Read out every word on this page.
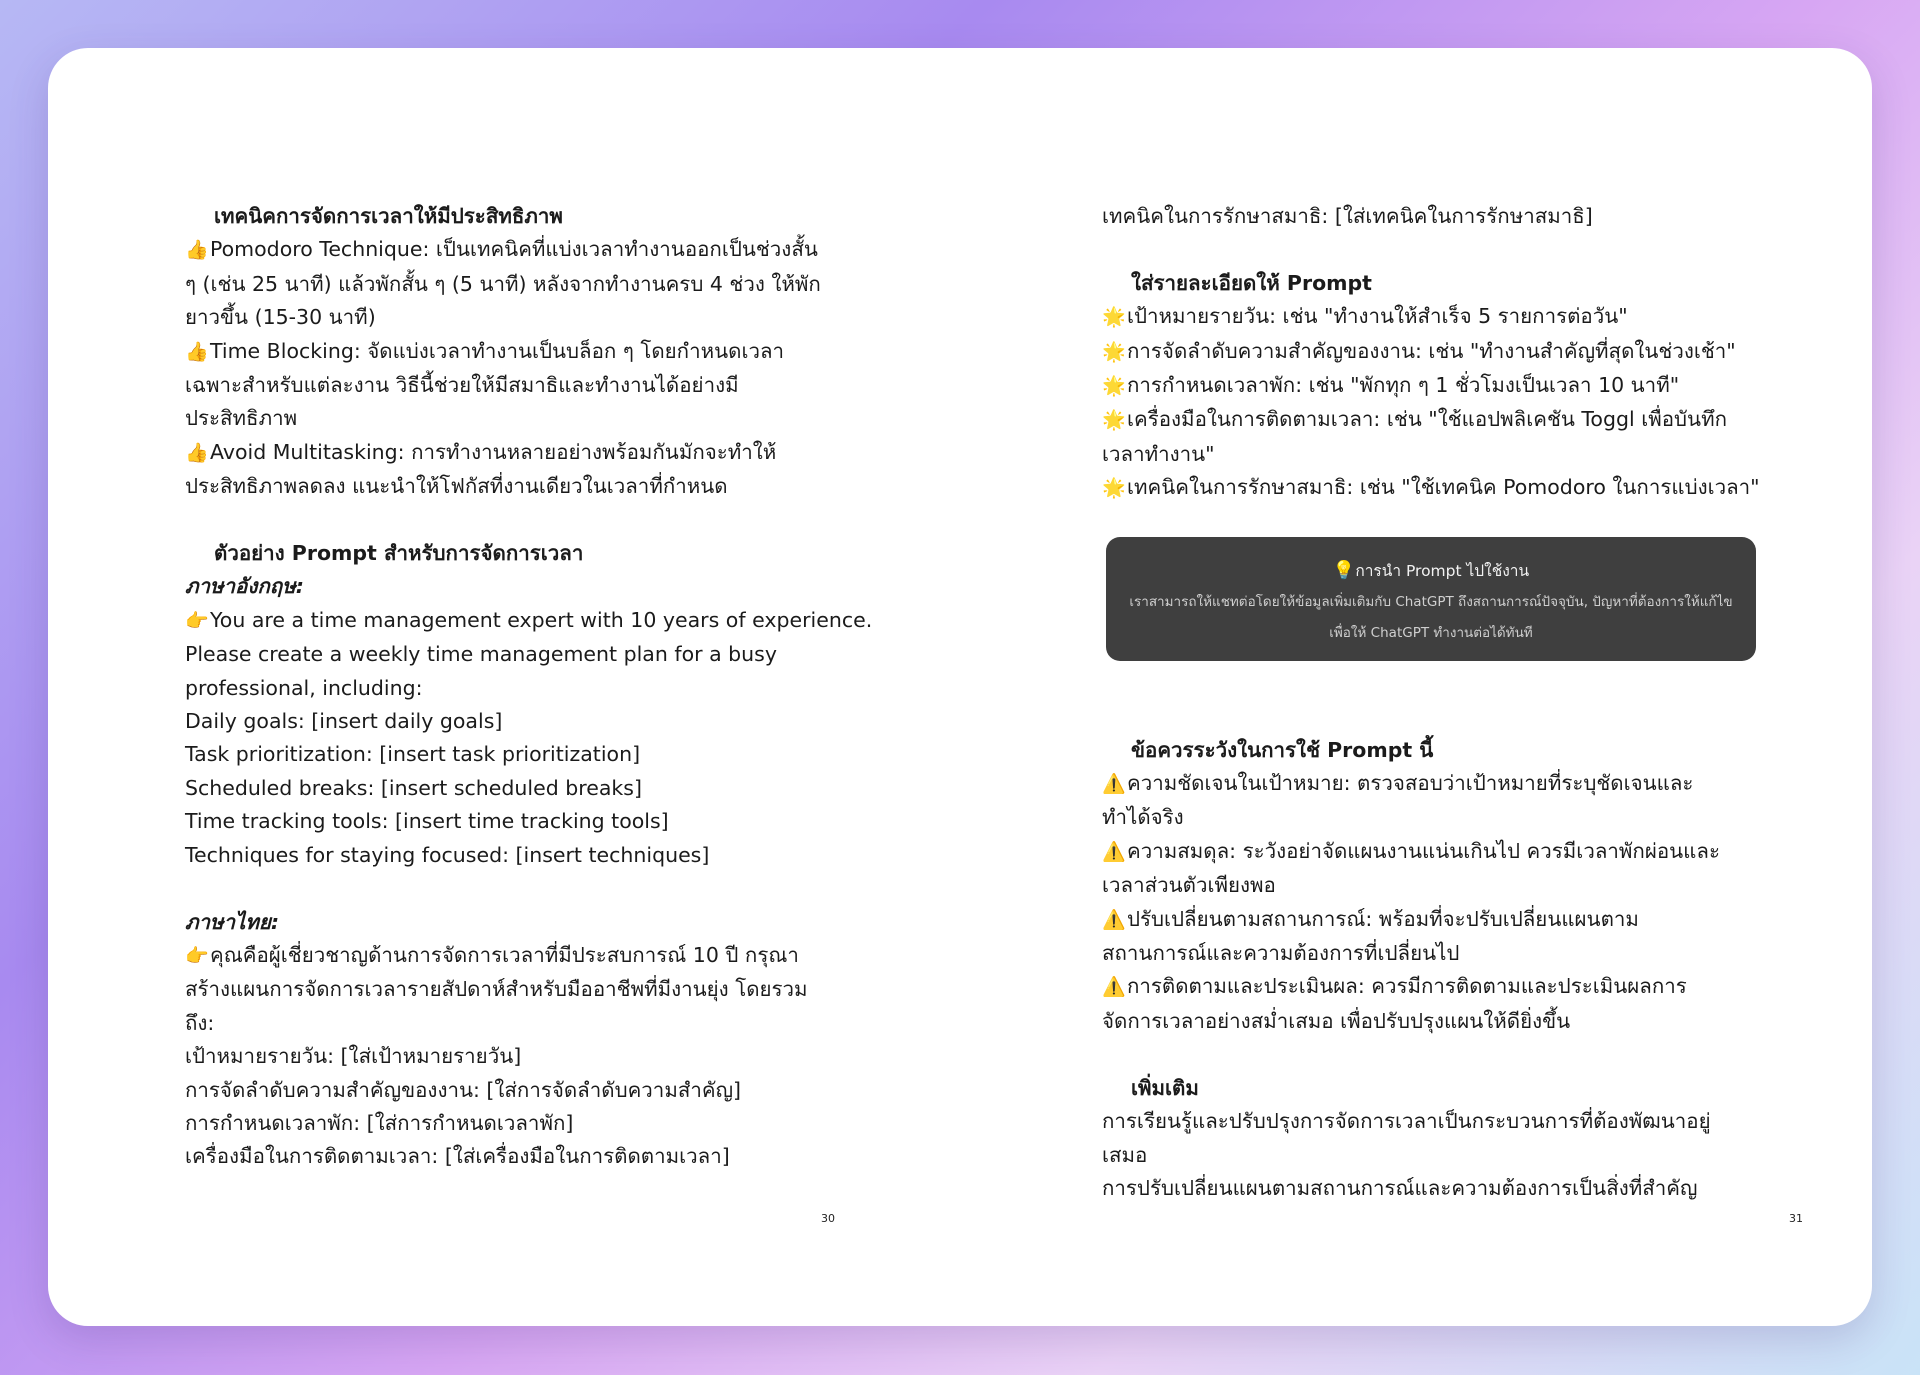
เทคนิคการจัดการเวลาให้มีประสิทธิภาพ
👍Pomodoro Technique: เป็นเทคนิคที่แบ่งเวลาทำงานออกเป็นช่วงสั้น
ๆ (เช่น 25 นาที) แล้วพักสั้น ๆ (5 นาที) หลังจากทำงานครบ 4 ช่วง ให้พัก
ยาวขึ้น (15-30 นาที)
👍Time Blocking: จัดแบ่งเวลาทำงานเป็นบล็อก ๆ โดยกำหนดเวลา
เฉพาะสำหรับแต่ละงาน วิธีนี้ช่วยให้มีสมาธิและทำงานได้อย่างมี
ประสิทธิภาพ
👍Avoid Multitasking: การทำงานหลายอย่างพร้อมกันมักจะทำให้
ประสิทธิภาพลดลง แนะนำให้โฟกัสที่งานเดียวในเวลาที่กำหนด
ตัวอย่าง Prompt สำหรับการจัดการเวลา
ภาษาอังกฤษ:
👉You are a time management expert with 10 years of experience.
Please create a weekly time management plan for a busy
professional, including:
Daily goals: [insert daily goals]
Task prioritization: [insert task prioritization]
Scheduled breaks: [insert scheduled breaks]
Time tracking tools: [insert time tracking tools]
Techniques for staying focused: [insert techniques]
ภาษาไทย:
👉คุณคือผู้เชี่ยวชาญด้านการจัดการเวลาที่มีประสบการณ์ 10 ปี กรุณา
สร้างแผนการจัดการเวลารายสัปดาห์สำหรับมืออาชีพที่มีงานยุ่ง โดยรวม
ถึง:
เป้าหมายรายวัน: [ใส่เป้าหมายรายวัน]
การจัดลำดับความสำคัญของงาน: [ใส่การจัดลำดับความสำคัญ]
การกำหนดเวลาพัก: [ใส่การกำหนดเวลาพัก]
เครื่องมือในการติดตามเวลา: [ใส่เครื่องมือในการติดตามเวลา]
30
เทคนิคในการรักษาสมาธิ: [ใส่เทคนิคในการรักษาสมาธิ]
ใส่รายละเอียดให้ Prompt
🌟เป้าหมายรายวัน: เช่น "ทำงานให้สำเร็จ 5 รายการต่อวัน"
🌟การจัดลำดับความสำคัญของงาน: เช่น "ทำงานสำคัญที่สุดในช่วงเช้า"
🌟การกำหนดเวลาพัก: เช่น "พักทุก ๆ 1 ชั่วโมงเป็นเวลา 10 นาที"
🌟เครื่องมือในการติดตามเวลา: เช่น "ใช้แอปพลิเคชัน Toggl เพื่อบันทึก
เวลาทำงาน"
🌟เทคนิคในการรักษาสมาธิ: เช่น "ใช้เทคนิค Pomodoro ในการแบ่งเวลา"
ข้อควรระวังในการใช้ Prompt นี้
⚠️ความชัดเจนในเป้าหมาย: ตรวจสอบว่าเป้าหมายที่ระบุชัดเจนและ
ทำได้จริง
⚠️ความสมดุล: ระวังอย่าจัดแผนงานแน่นเกินไป ควรมีเวลาพักผ่อนและ
เวลาส่วนตัวเพียงพอ
⚠️ปรับเปลี่ยนตามสถานการณ์: พร้อมที่จะปรับเปลี่ยนแผนตาม
สถานการณ์และความต้องการที่เปลี่ยนไป
⚠️การติดตามและประเมินผล: ควรมีการติดตามและประเมินผลการ
จัดการเวลาอย่างสม่ำเสมอ เพื่อปรับปรุงแผนให้ดียิ่งขึ้น
เพิ่มเติม
การเรียนรู้และปรับปรุงการจัดการเวลาเป็นกระบวนการที่ต้องพัฒนาอยู่
เสมอ
การปรับเปลี่ยนแผนตามสถานการณ์และความต้องการเป็นสิ่งที่สำคัญ
💡การนำ Prompt ไปใช้งาน
เราสามารถให้แชทต่อโดยให้ข้อมูลเพิ่มเติมกับ ChatGPT ถึงสถานการณ์ปัจจุบัน, ปัญหาที่ต้องการให้แก้ไข
เพื่อให้ ChatGPT ทำงานต่อได้ทันที
31
